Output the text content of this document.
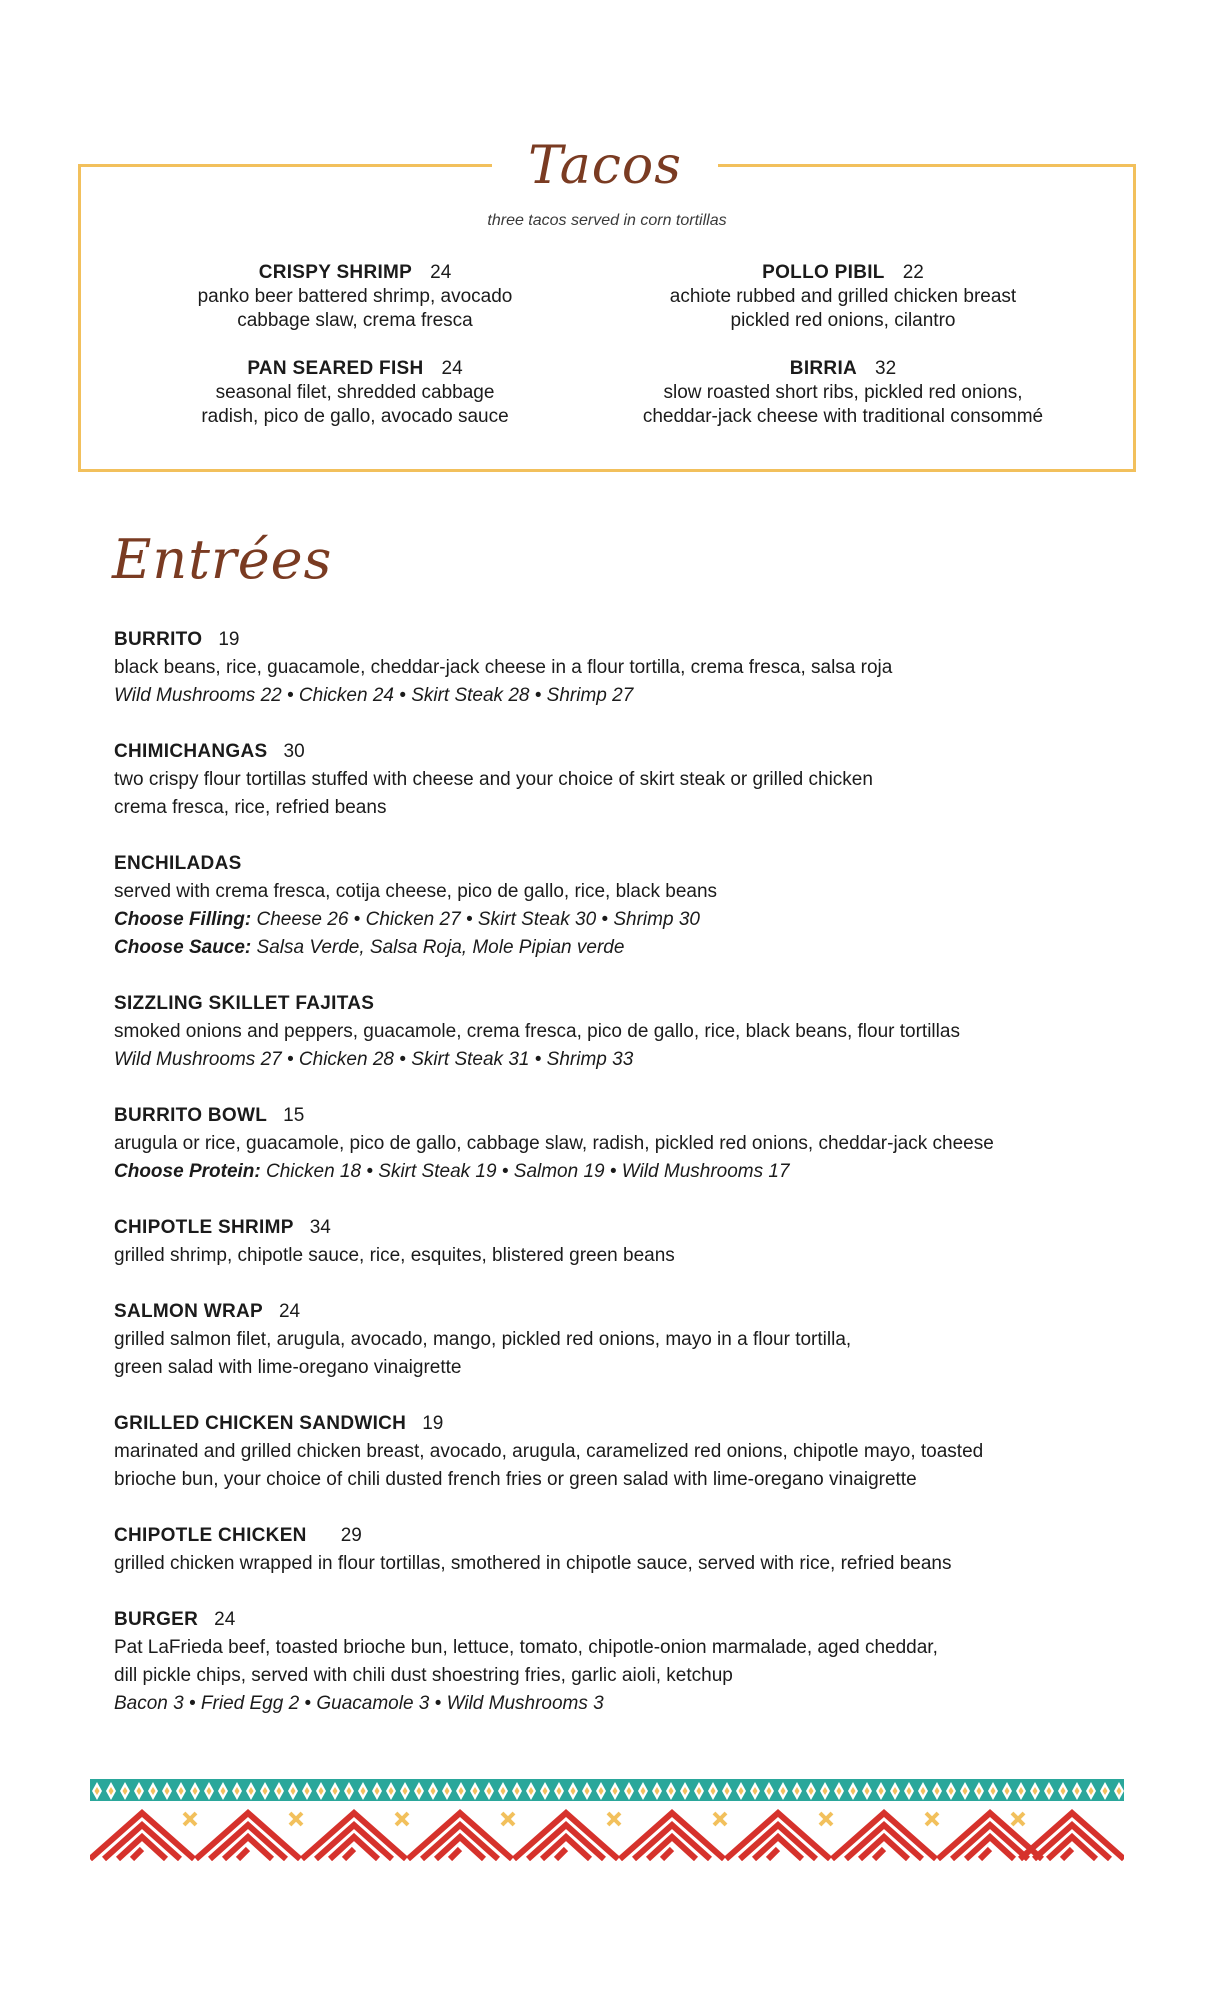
Tacos
three tacos served in corn tortillas
CRISPY SHRIMP 24
panko beer battered shrimp, avocado
cabbage slaw, crema fresca
POLLO PIBIL 22
achiote rubbed and grilled chicken breast
pickled red onions, cilantro
PAN SEARED FISH 24
seasonal filet, shredded cabbage
radish, pico de gallo, avocado sauce
BIRRIA 32
slow roasted short ribs, pickled red onions,
cheddar-jack cheese with traditional consommé
Entrées
BURRITO 19
black beans, rice, guacamole, cheddar-jack cheese in a flour tortilla, crema fresca, salsa roja
Wild Mushrooms 22 • Chicken 24 • Skirt Steak 28 • Shrimp 27
CHIMICHANGAS 30
two crispy flour tortillas stuffed with cheese and your choice of skirt steak or grilled chicken
crema fresca, rice, refried beans
ENCHILADAS
served with crema fresca, cotija cheese, pico de gallo, rice, black beans
Choose Filling: Cheese 26 • Chicken 27 • Skirt Steak 30 • Shrimp 30
Choose Sauce: Salsa Verde, Salsa Roja, Mole Pipian verde
SIZZLING SKILLET FAJITAS
smoked onions and peppers, guacamole, crema fresca, pico de gallo, rice, black beans, flour tortillas
Wild Mushrooms 27 • Chicken 28 • Skirt Steak 31 • Shrimp 33
BURRITO BOWL 15
arugula or rice, guacamole, pico de gallo, cabbage slaw, radish, pickled red onions, cheddar-jack cheese
Choose Protein: Chicken 18 • Skirt Steak 19 • Salmon 19 • Wild Mushrooms 17
CHIPOTLE SHRIMP 34
grilled shrimp, chipotle sauce, rice, esquites, blistered green beans
SALMON WRAP 24
grilled salmon filet, arugula, avocado, mango, pickled red onions, mayo in a flour tortilla,
green salad with lime-oregano vinaigrette
GRILLED CHICKEN SANDWICH 19
marinated and grilled chicken breast, avocado, arugula, caramelized red onions, chipotle mayo, toasted
brioche bun, your choice of chili dusted french fries or green salad with lime-oregano vinaigrette
CHIPOTLE CHICKEN 29
grilled chicken wrapped in flour tortillas, smothered in chipotle sauce, served with rice, refried beans
BURGER 24
Pat LaFrieda beef, toasted brioche bun, lettuce, tomato, chipotle-onion marmalade, aged cheddar,
dill pickle chips, served with chili dust shoestring fries, garlic aioli, ketchup
Bacon 3 • Fried Egg 2 • Guacamole 3 • Wild Mushrooms 3
